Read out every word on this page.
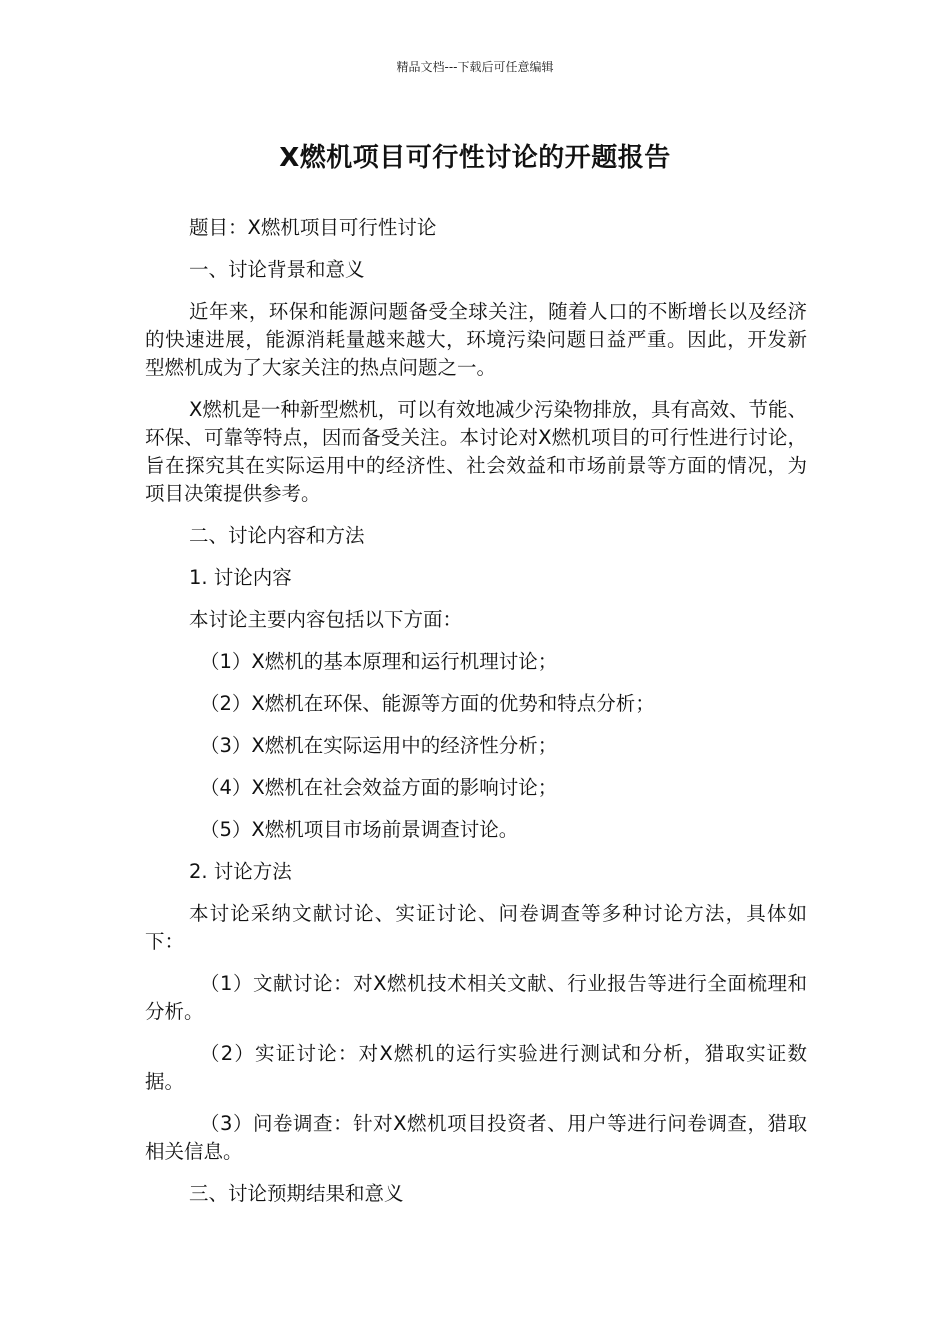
精品文档---下载后可任意编辑
X燃机项目可行性讨论的开题报告

题目：X燃机项目可行性讨论

一、讨论背景和意义

近年来，环保和能源问题备受全球关注，随着人口的不断增长以及经济的快速进展，能源消耗量越来越大，环境污染问题日益严重。因此，开发新型燃机成为了大家关注的热点问题之一。

X燃机是一种新型燃机，可以有效地减少污染物排放，具有高效、节能、环保、可靠等特点，因而备受关注。本讨论对X燃机项目的可行性进行讨论，旨在探究其在实际运用中的经济性、社会效益和市场前景等方面的情况，为项目决策提供参考。

二、讨论内容和方法

1. 讨论内容

本讨论主要内容包括以下方面：

（1）X燃机的基本原理和运行机理讨论；

（2）X燃机在环保、能源等方面的优势和特点分析；

（3）X燃机在实际运用中的经济性分析；

（4）X燃机在社会效益方面的影响讨论；

（5）X燃机项目市场前景调查讨论。

2. 讨论方法

本讨论采纳文献讨论、实证讨论、问卷调查等多种讨论方法，具体如下：

（1）文献讨论：对X燃机技术相关文献、行业报告等进行全面梳理和分析。

（2）实证讨论：对X燃机的运行实验进行测试和分析，猎取实证数据。

（3）问卷调查：针对X燃机项目投资者、用户等进行问卷调查，猎取相关信息。

三、讨论预期结果和意义
